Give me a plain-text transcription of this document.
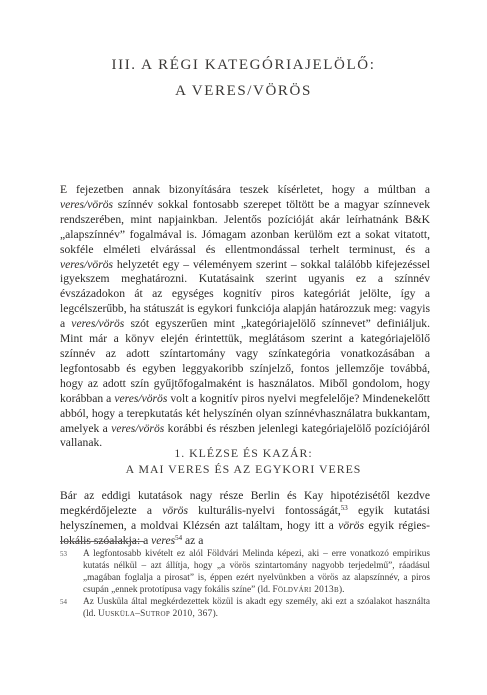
III. A RÉGI KATEGÓRIAJELÖLŐ:
A VERES/VÖRÖS

E fejezetben annak bizonyítására teszek kísérletet, hogy a múltban a veres/vörös színnév sokkal fontosabb szerepet töltött be a magyar színnevek rendszerében, mint napjainkban. Jelentős pozícióját akár leírhatnánk B&K „alapszínnév” fogalmával is. Jómagam azonban kerülöm ezt a sokat vitatott, sokféle elméleti elvárással és ellentmondással terhelt terminust, és a veres/vörös helyzetét egy – véleményem szerint – sokkal találóbb kifejezéssel igyekszem meghatározni. Kutatásaink szerint ugyanis ez a színnév évszázadokon át az egységes kognitív piros kategóriát jelölte, így a legcélszerűbb, ha státuszát is egykori funkciója alapján határozzuk meg: vagyis a veres/vörös szót egyszerűen mint „kategóriajelölő színnevet” definiáljuk. Mint már a könyv elején érintettük, meglátásom szerint a kategóriajelölő színnév az adott színtartomány vagy színkategória vonatkozásában a legfontosabb és egyben leggyakoribb színjelző, fontos jellemzője továbbá, hogy az adott szín gyűjtőfogalmaként is használatos. Miből gondolom, hogy korábban a veres/vörös volt a kognitív piros nyelvi megfelelője? Mindenekelőtt abból, hogy a terepkutatás két helyszínén olyan színnévhasználatra bukkantam, amelyek a veres/vörös korábbi és részben jelenlegi kategóriajelölő pozíciójáról vallanak.

1. KLÉZSE ÉS KAZÁR:
A MAI VERES ÉS AZ EGYKORI VERES

Bár az eddigi kutatások nagy része Berlin és Kay hipotézisétől kezdve megkérdőjelezte a vörös kulturális-nyelvi fontosságát,$^{53}$ egyik kutatási helyszínemen, a moldvai Klézsén azt találtam, hogy itt a vörös egyik régies-lokális szóalakja: a veres$^{54}$ az a

53 A legfontosabb kivételt ez alól Földvári Melinda képezi, aki – erre vonatkozó empirikus kutatás nélkül – azt állítja, hogy „a vörös szintartomány nagyobb terjedelmű”, ráadásul „magában foglalja a pirosat” is, éppen ezért nyelvünkben a vörös az alapszínnév, a piros csupán „ennek prototípusa vagy fokális színe” (ld. Földvári 2013b).
54 Az Uusküla által megkérdezettek közül is akadt egy személy, aki ezt a szóalakot használta (ld. Uusküla–Sutrop 2010, 367).
